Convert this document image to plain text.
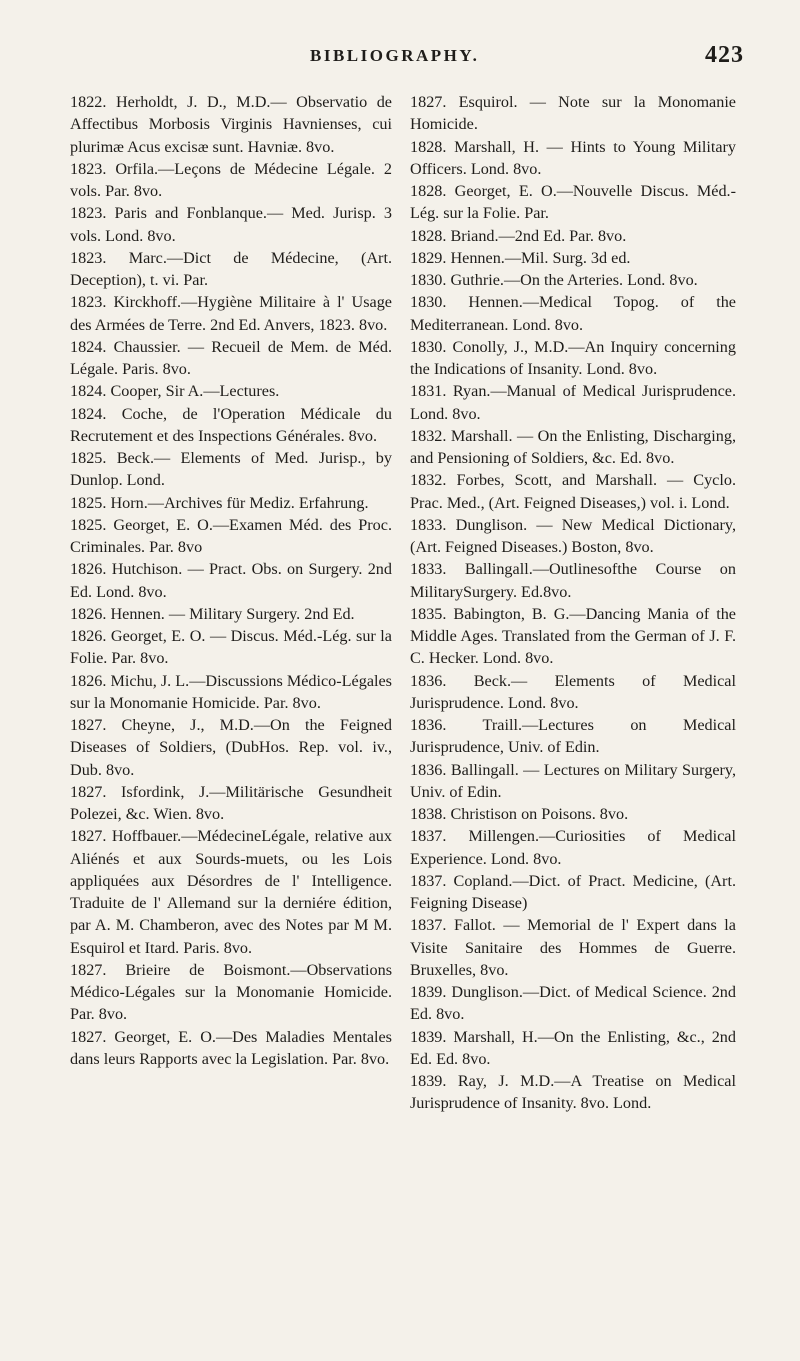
BIBLIOGRAPHY.	423

1822. Herholdt, J. D., M.D.— Observatio de Affectibus Morbosis Virginis Havnienses, cui plurimæ Acus excisæ sunt. Havniæ. 8vo.

1823. Orfila.—Leçons de Médecine Légale. 2 vols. Par. 8vo.

1823. Paris and Fonblanque.— Med. Jurisp. 3 vols. Lond. 8vo.

1823. Marc.—Dict de Médecine, (Art. Deception), t. vi. Par.

1823. Kirckhoff.—Hygiène Militaire à l' Usage des Armées de Terre. 2nd Ed. Anvers, 1823. 8vo.

1824. Chaussier. — Recueil de Mem. de Méd. Légale. Paris. 8vo.

1824. Cooper, Sir A.—Lectures.

1824. Coche, de l'Operation Médicale du Recrutement et des Inspections Générales. 8vo.

1825. Beck.— Elements of Med. Jurisp., by Dunlop. Lond.

1825. Horn.—Archives für Mediz. Erfahrung.

1825. Georget, E. O.—Examen Méd. des Proc. Criminales. Par. 8vo

1826. Hutchison. — Pract. Obs. on Surgery. 2nd Ed. Lond. 8vo.

1826. Hennen. — Military Surgery. 2nd Ed.

1826. Georget, E. O. — Discus. Méd.-Lég. sur la Folie. Par. 8vo.

1826. Michu, J. L.—Discussions Médico-Légales sur la Monomanie Homicide. Par. 8vo.

1827. Cheyne, J., M.D.—On the Feigned Diseases of Soldiers, (DubHos. Rep. vol. iv., Dub. 8vo.

1827. Isfordink, J.—Militärische Gesundheit Polezei, &c. Wien. 8vo.

1827. Hoffbauer.—MédecineLégale, relative aux Aliénés et aux Sourds-muets, ou les Lois appliquées aux Désordres de l' Intelligence. Traduite de l' Allemand sur la derniére édition, par A. M. Chamberon, avec des Notes par M M. Esquirol et Itard. Paris. 8vo.

1827. Brieire de Boismont.—Observations Médico-Légales sur la Monomanie Homicide. Par. 8vo.

1827. Georget, E. O.—Des Maladies Mentales dans leurs Rapports avec la Legislation. Par. 8vo.

1827. Esquirol. — Note sur la Monomanie Homicide.

1828. Marshall, H. — Hints to Young Military Officers. Lond. 8vo.

1828. Georget, E. O.—Nouvelle Discus. Méd.-Lég. sur la Folie. Par.

1828. Briand.—2nd Ed. Par. 8vo.

1829. Hennen.—Mil. Surg. 3d ed.

1830. Guthrie.—On the Arteries. Lond. 8vo.

1830. Hennen.—Medical Topog. of the Mediterranean. Lond. 8vo.

1830. Conolly, J., M.D.—An Inquiry concerning the Indications of Insanity. Lond. 8vo.

1831. Ryan.—Manual of Medical Jurisprudence. Lond. 8vo.

1832. Marshall. — On the Enlisting, Discharging, and Pensioning of Soldiers, &c. Ed. 8vo.

1832. Forbes, Scott, and Marshall. — Cyclo. Prac. Med., (Art. Feigned Diseases,) vol. i. Lond.

1833. Dunglison. — New Medical Dictionary, (Art. Feigned Diseases.) Boston, 8vo.

1833. Ballingall.—Outlinesofthe Course on MilitarySurgery. Ed.8vo.

1835. Babington, B. G.—Dancing Mania of the Middle Ages. Translated from the German of J. F. C. Hecker. Lond. 8vo.

1836. Beck.— Elements of Medical Jurisprudence. Lond. 8vo.

1836. Traill.—Lectures on Medical Jurisprudence, Univ. of Edin.

1836. Ballingall. — Lectures on Military Surgery, Univ. of Edin.

1838. Christison on Poisons. 8vo.

1837. Millengen.—Curiosities of Medical Experience. Lond. 8vo.

1837. Copland.—Dict. of Pract. Medicine, (Art. Feigning Disease)

1837. Fallot. — Memorial de l' Expert dans la Visite Sanitaire des Hommes de Guerre. Bruxelles, 8vo.

1839. Dunglison.—Dict. of Medical Science. 2nd Ed. 8vo.

1839. Marshall, H.—On the Enlisting, &c., 2nd Ed. Ed. 8vo.

1839. Ray, J. M.D.—A Treatise on Medical Jurisprudence of Insanity. 8vo. Lond.
